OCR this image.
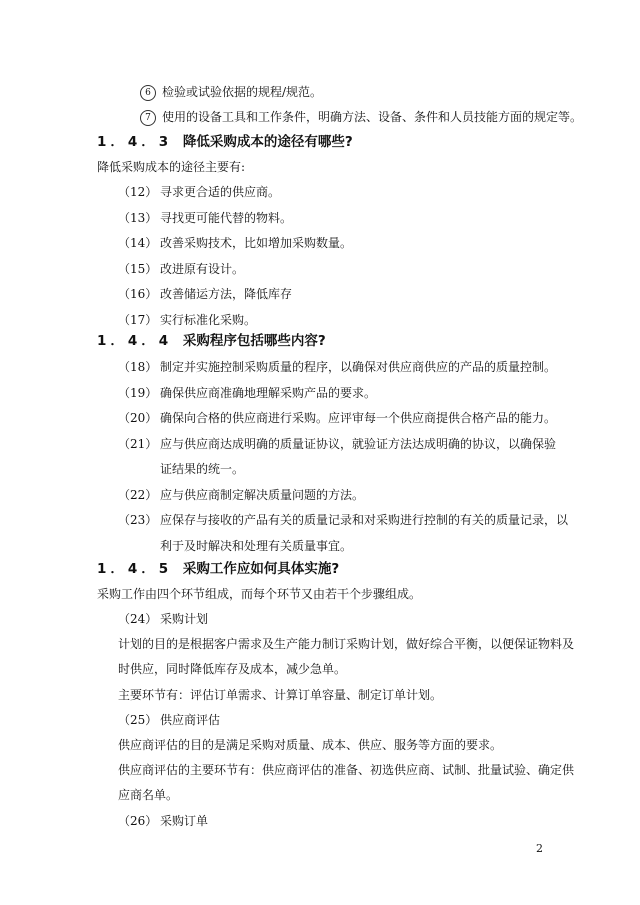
6 检验或试验依据的规程/规范。
7 使用的设备工具和工作条件，明确方法、设备、条件和人员技能方面的规定等。
1．4．3 降低采购成本的途径有哪些?
降低采购成本的途径主要有:
（12） 寻求更合适的供应商。
（13） 寻找更可能代替的物料。
（14） 改善采购技术，比如增加采购数量。
（15） 改进原有设计。
（16） 改善储运方法，降低库存
（17） 实行标准化采购。
1．4．4 采购程序包括哪些内容?
（18） 制定并实施控制采购质量的程序，以确保对供应商供应的产品的质量控制。
（19） 确保供应商准确地理解采购产品的要求。
（20） 确保向合格的供应商进行采购。应评审每一个供应商提供合格产品的能力。
（21） 应与供应商达成明确的质量证协议，就验证方法达成明确的协议，以确保验
证结果的统一。
（22） 应与供应商制定解决质量问题的方法。
（23） 应保存与接收的产品有关的质量记录和对采购进行控制的有关的质量记录，以
利于及时解决和处理有关质量事宜。
1．4．5 采购工作应如何具体实施?
采购工作由四个环节组成，而每个环节又由若干个步骤组成。
（24） 采购计划
计划的目的是根据客户需求及生产能力制订采购计划，做好综合平衡，以便保证物料及
时供应，同时降低库存及成本，减少急单。
主要环节有：评估订单需求、计算订单容量、制定订单计划。
（25） 供应商评估
供应商评估的目的是满足采购对质量、成本、供应、服务等方面的要求。
供应商评估的主要环节有：供应商评估的准备、初选供应商、试制、批量试验、确定供
应商名单。
（26） 采购订单
2
